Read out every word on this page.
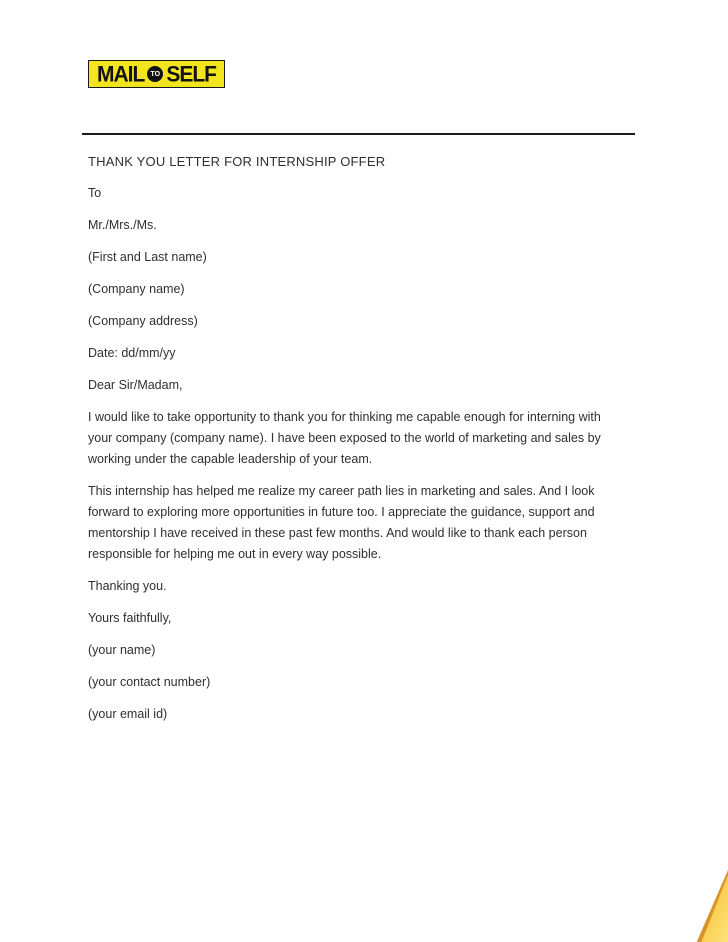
MAIL TO SELF

THANK YOU LETTER FOR INTERNSHIP OFFER

To

Mr./Mrs./Ms.

(First and Last name)

(Company name)

(Company address)

Date: dd/mm/yy

Dear Sir/Madam,

I would like to take opportunity to thank you for thinking me capable enough for interning with your company (company name). I have been exposed to the world of marketing and sales by working under the capable leadership of your team.

This internship has helped me realize my career path lies in marketing and sales. And I look forward to exploring more opportunities in future too. I appreciate the guidance, support and mentorship I have received in these past few months. And would like to thank each person responsible for helping me out in every way possible.

Thanking you.

Yours faithfully,

(your name)

(your contact number)

(your email id)
